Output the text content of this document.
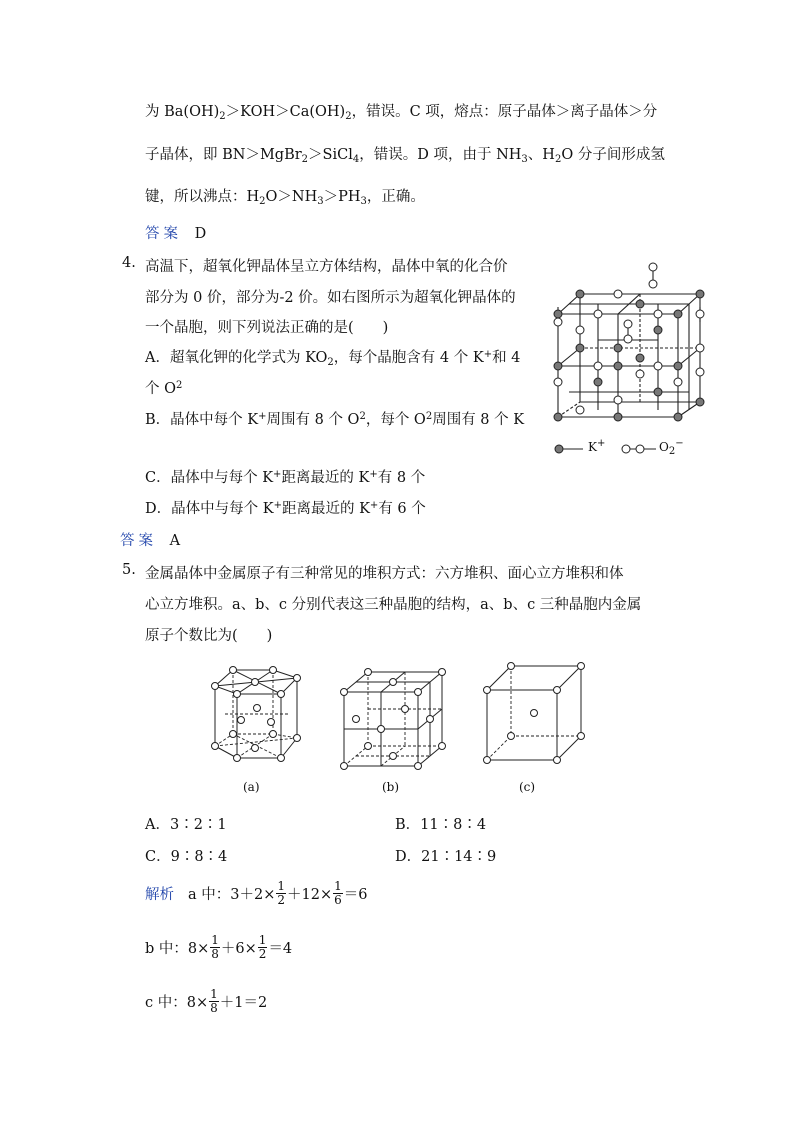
为 $Ba(OH)_2>KOH>Ca(OH)_2$，错误。C 项，熔点：原子晶体＞离子晶体＞分
子晶体，即 BN＞MgBr$_2$＞SiCl$_4$，错误。D 项，由于 $NH_3$、$H_2O$ 分子间形成氢
键，所以沸点：$H_2O>NH_3>PH_3$，正确。
答案 D
4. 高温下，超氧化钾晶体呈立方体结构，晶体中氧的化合价
部分为 0 价，部分为-2 价。如右图所示为超氧化钾晶体的
一个晶胞，则下列说法正确的是(　　)
A．超氧化钾的化学式为 $KO_2$，每个晶胞含有 4 个 K+和 4
个 $O^2$
B．晶体中每个 K+周围有 8 个 $O^2$，每个 $O^2$周围有 8 个 K
C．晶体中与每个 K+距离最近的 K+有 8 个
D．晶体中与每个 K+距离最近的 K+有 6 个
答案 A
K+	$O_2^-$
5. 金属晶体中金属原子有三种常见的堆积方式：六方堆积、面心立方堆积和体
心立方堆积。a、b、c 分别代表这三种晶胞的结构，a、b、c 三种晶胞内金属
原子个数比为(　　)
(a)	(b)	(c)
A．3∶2∶1	B．11∶8∶4
C．9∶8∶4	D．21∶14∶9
解析 a 中：$3+2\times \frac{1}{2} +12\times \frac{1}{6} =6$
b 中：$8\times \frac{1}{8} +6\times \frac{1}{2} =4$
c 中：$8\times \frac{1}{8} +1=2$
